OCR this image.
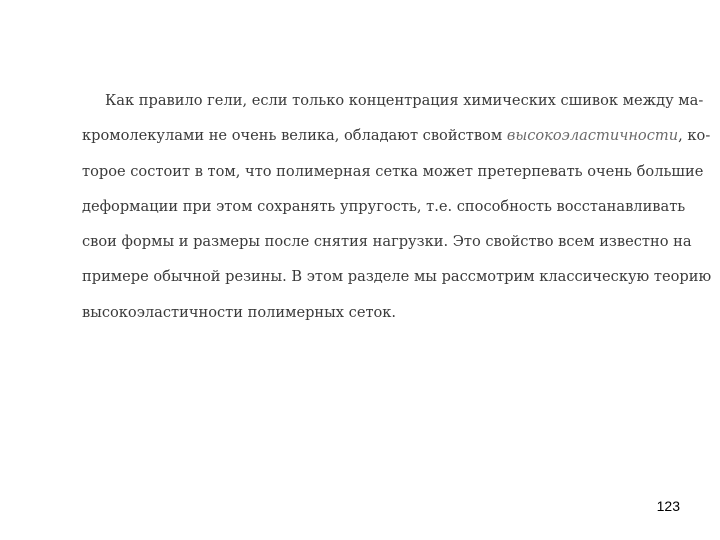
Как правило гели, если только концентрация химических сшивок между ма-
кромолекулами не очень велика, обладают свойством высокоэластичности, ко-
торое состоит в том, что полимерная сетка может претерпевать очень большие
деформации при этом сохранять упругость, т.е. способность восстанавливать
свои формы и размеры после снятия нагрузки. Это свойство всем известно на
примере обычной резины. В этом разделе мы рассмотрим классическую теорию
высокоэластичности полимерных сеток.

123
